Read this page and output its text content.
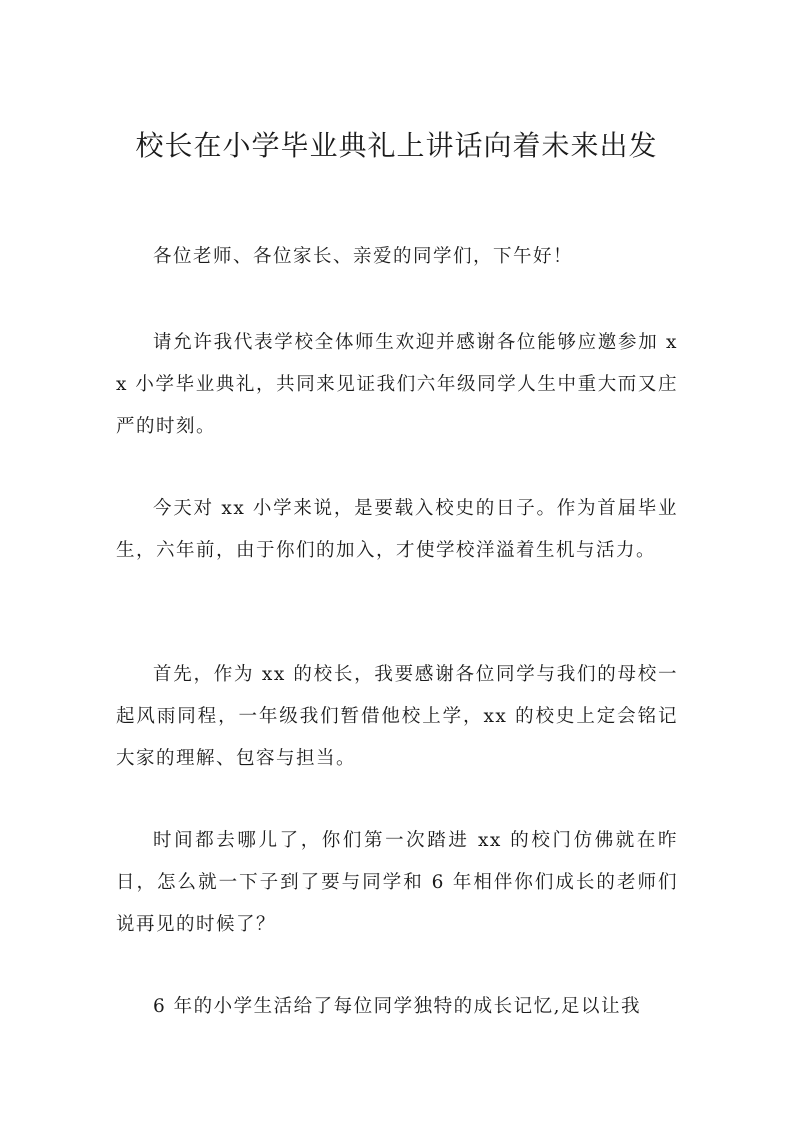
校长在小学毕业典礼上讲话向着未来出发

各位老师、各位家长、亲爱的同学们，下午好！

请允许我代表学校全体师生欢迎并感谢各位能够应邀参加 xx 小学毕业典礼，共同来见证我们六年级同学人生中重大而又庄严的时刻。

今天对 xx 小学来说，是要载入校史的日子。作为首届毕业生，六年前，由于你们的加入，才使学校洋溢着生机与活力。

首先，作为 xx 的校长，我要感谢各位同学与我们的母校一起风雨同程，一年级我们暂借他校上学，xx 的校史上定会铭记大家的理解、包容与担当。

时间都去哪儿了，你们第一次踏进 xx 的校门仿佛就在昨日，怎么就一下子到了要与同学和 6 年相伴你们成长的老师们说再见的时候了？

6 年的小学生活给了每位同学独特的成长记忆,足以让我
